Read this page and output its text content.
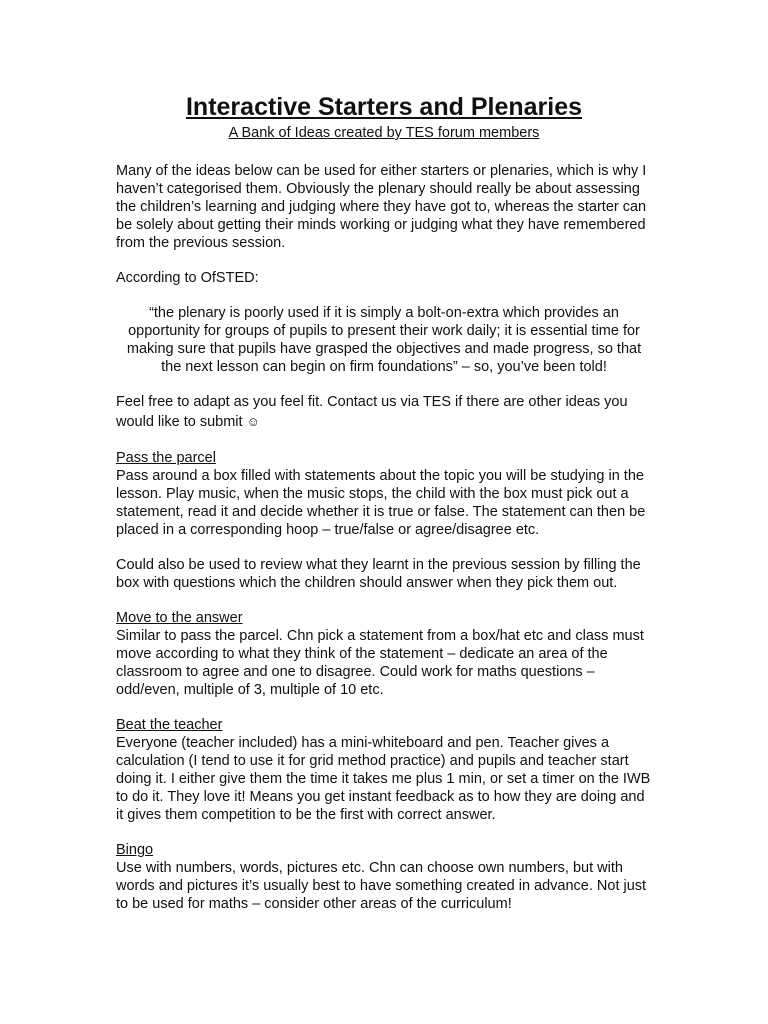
Interactive Starters and Plenaries
A Bank of Ideas created by TES forum members

Many of the ideas below can be used for either starters or plenaries, which is why I haven’t categorised them. Obviously the plenary should really be about assessing the children’s learning and judging where they have got to, whereas the starter can be solely about getting their minds working or judging what they have remembered from the previous session.

According to OfSTED:

“the plenary is poorly used if it is simply a bolt-on-extra which provides an opportunity for groups of pupils to present their work daily; it is essential time for making sure that pupils have grasped the objectives and made progress, so that the next lesson can begin on firm foundations” – so, you’ve been told!

Feel free to adapt as you feel fit. Contact us via TES if there are other ideas you would like to submit ☺

Pass the parcel

Pass around a box filled with statements about the topic you will be studying in the lesson. Play music, when the music stops, the child with the box must pick out a statement, read it and decide whether it is true or false. The statement can then be placed in a corresponding hoop – true/false or agree/disagree etc.

Could also be used to review what they learnt in the previous session by filling the box with questions which the children should answer when they pick them out.

Move to the answer

Similar to pass the parcel. Chn pick a statement from a box/hat etc and class must move according to what they think of the statement – dedicate an area of the classroom to agree and one to disagree. Could work for maths questions – odd/even, multiple of 3, multiple of 10 etc.

Beat the teacher

Everyone (teacher included) has a mini-whiteboard and pen. Teacher gives a calculation (I tend to use it for grid method practice) and pupils and teacher start doing it. I either give them the time it takes me plus 1 min, or set a timer on the IWB to do it. They love it! Means you get instant feedback as to how they are doing and it gives them competition to be the first with correct answer.

Bingo

Use with numbers, words, pictures etc. Chn can choose own numbers, but with words and pictures it’s usually best to have something created in advance. Not just to be used for maths – consider other areas of the curriculum!
